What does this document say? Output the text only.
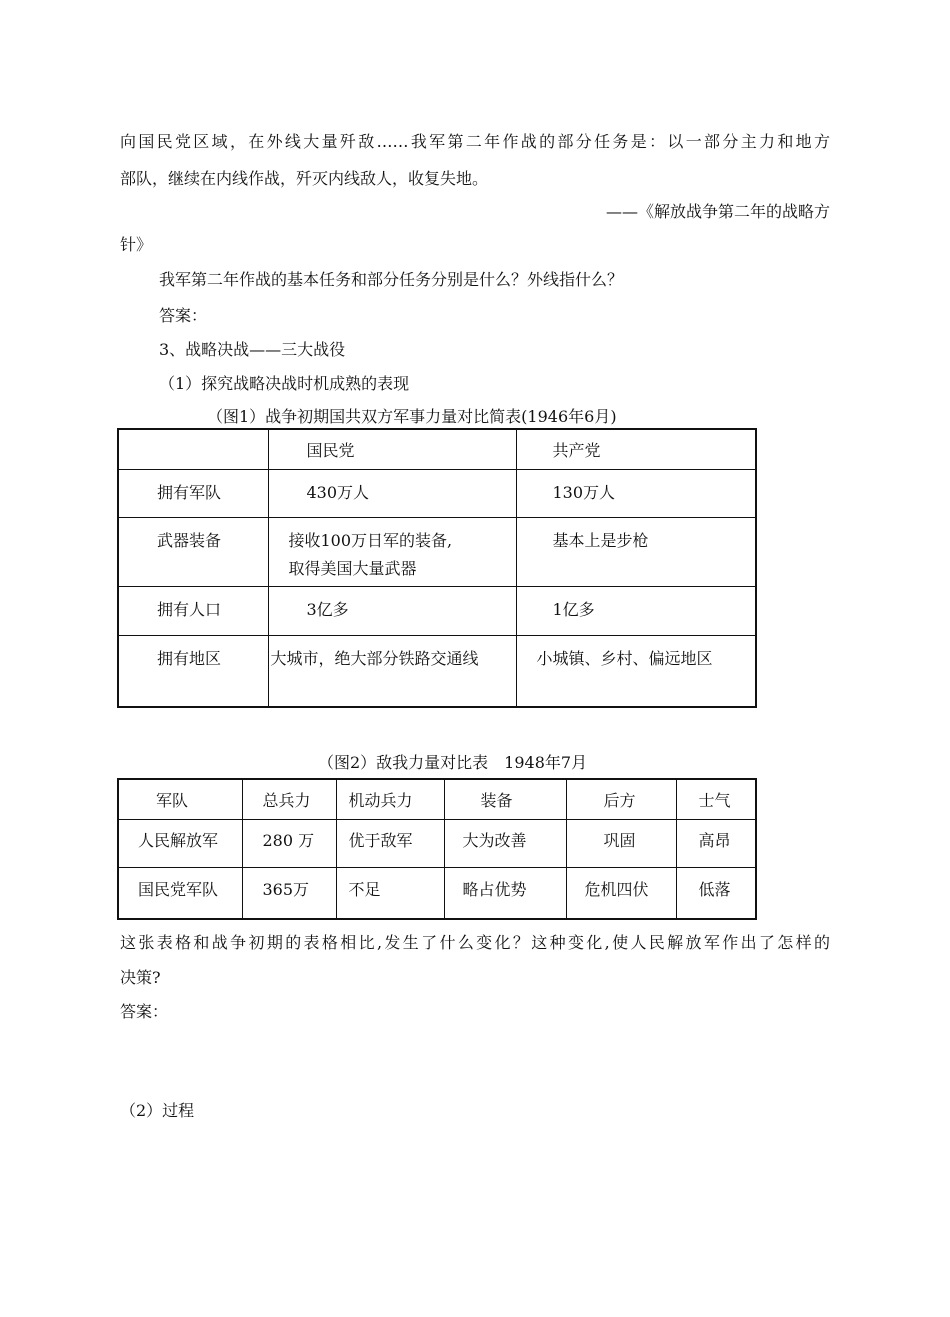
向国民党区域，在外线大量歼敌……我军第二年作战的部分任务是：以一部分主力和地方
部队，继续在内线作战，歼灭内线敌人，收复失地。
——《解放战争第二年的战略方
针》
我军第二年作战的基本任务和部分任务分别是什么？外线指什么？
答案：
3、战略决战——三大战役
（1）探究战略决战时机成熟的表现
（图1）战争初期国共双方军事力量对比简表(1946年6月)

	国民党	共产党

拥有军队	430万人	130万人

武器装备	接收100万日军的装备,
取得美国大量武器	基本上是步枪

拥有人口	3亿多	1亿多

拥有地区	大城市，绝大部分铁路交通线	小城镇、乡村、偏远地区
（图2）敌我力量对比表　1948年7月
军队	总兵力	机动兵力	装备	后方	士气

人民解放军	280 万	优于敌军	大为改善	巩固	高昂

国民党军队	365万	不足	略占优势	危机四伏	低落
这张表格和战争初期的表格相比,发生了什么变化？这种变化,使人民解放军作出了怎样的
决策?
答案：
（2）过程
